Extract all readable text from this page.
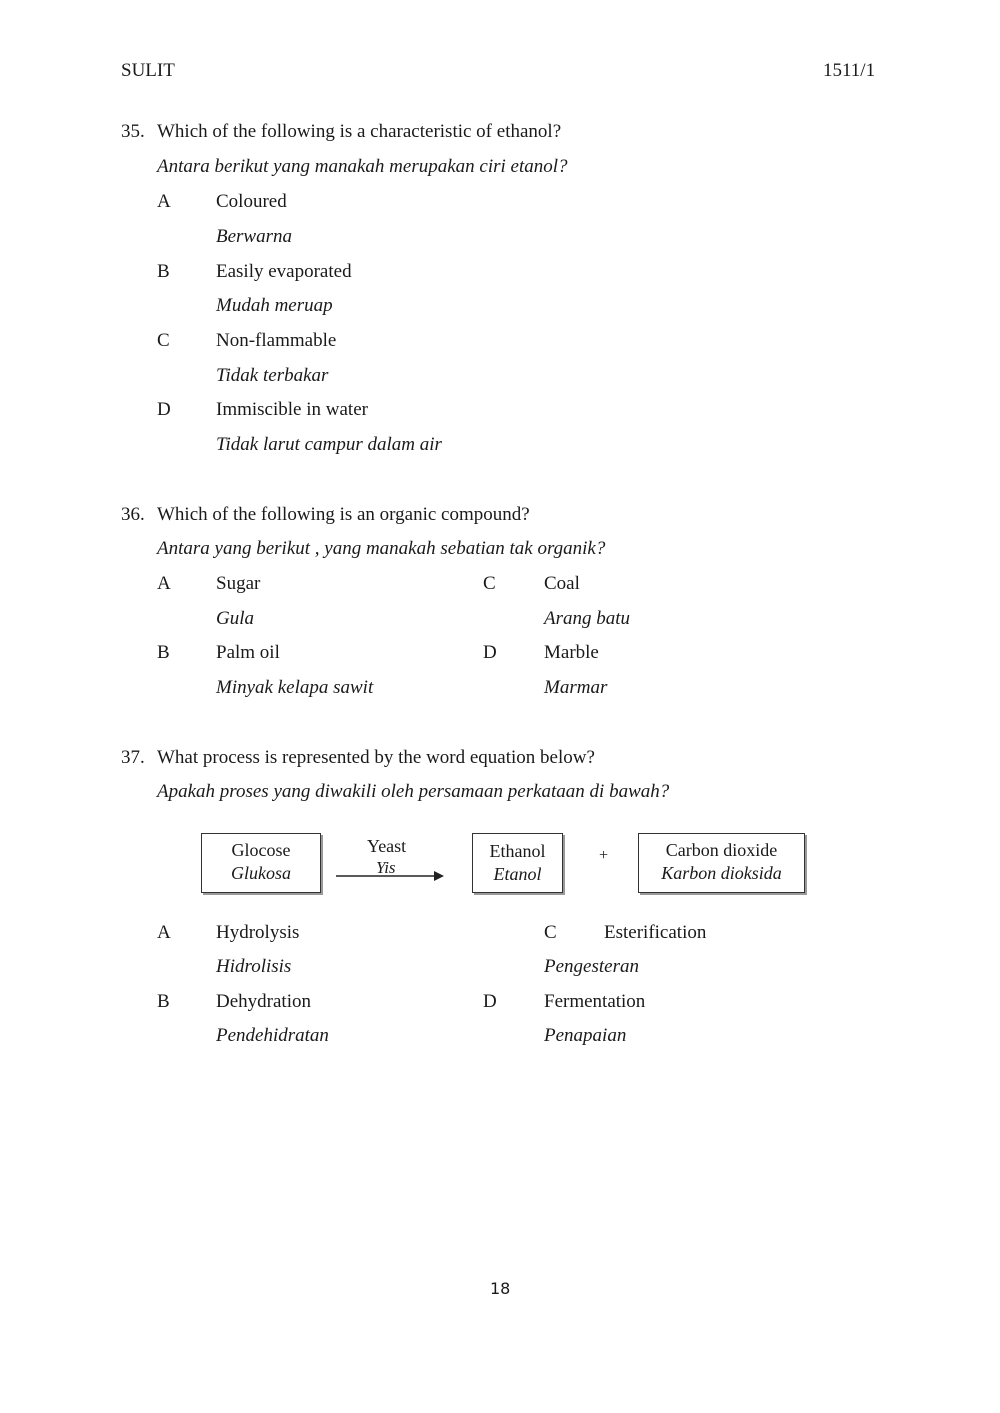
SULIT	1511/1
35. Which of the following is a characteristic of ethanol?
Antara berikut yang manakah merupakan ciri etanol?
A Coloured
Berwarna
B Easily evaporated
Mudah meruap
C Non-flammable
Tidak terbakar
D Immiscible in water
Tidak larut campur dalam air
36. Which of the following is an organic compound?
Antara yang berikut , yang manakah sebatian tak organik?
A Sugar
Gula
B Palm oil
Minyak kelapa sawit
C	Coal
Arang batu
D Marble
Marmar
37. What process is represented by the word equation below?
Apakah proses yang diwakili oleh persamaan perkataan di bawah?
Glocose
Glukosa
Yeast
Yis
Ethanol
Etanol
+	Carbon dioxide
Karbon dioksida
A Hydrolysis
Hidrolisis
B Dehydration
Pendehidratan
C Esterification
Pengesteran
D Fermentation
Penapaian
18
